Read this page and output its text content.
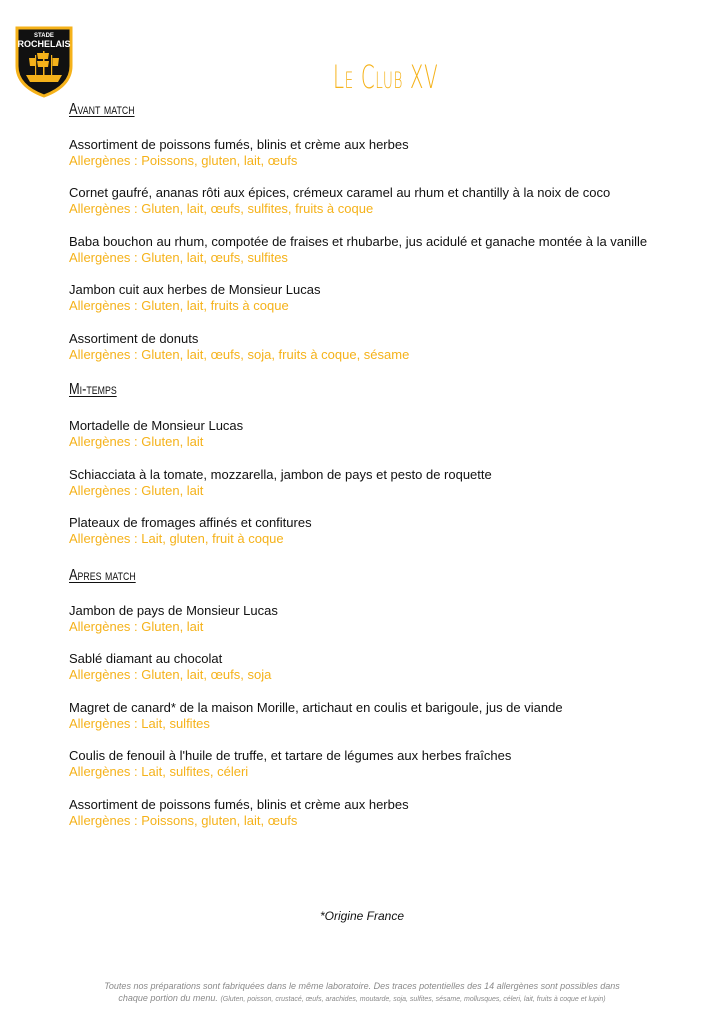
STADE
ROCHELAIS
Le Club XV
Avant match
Assortiment de poissons fumés, blinis et crème aux herbes
Allergènes : Poissons, gluten, lait, œufs
Cornet gaufré, ananas rôti aux épices, crémeux caramel au rhum et chantilly à la noix de coco
Allergènes : Gluten, lait, œufs, sulfites, fruits à coque
Baba bouchon au rhum, compotée de fraises et rhubarbe, jus acidulé et ganache montée à la vanille
Allergènes : Gluten, lait, œufs, sulfites
Jambon cuit aux herbes de Monsieur Lucas
Allergènes : Gluten, lait, fruits à coque
Assortiment de donuts
Allergènes : Gluten, lait, œufs, soja, fruits à coque, sésame
Mi-temps
Mortadelle de Monsieur Lucas
Allergènes : Gluten, lait
Schiacciata à la tomate, mozzarella, jambon de pays et pesto de roquette
Allergènes : Gluten, lait
Plateaux de fromages affinés et confitures
Allergènes : Lait, gluten, fruit à coque
Apres match
Jambon de pays de Monsieur Lucas
Allergènes : Gluten, lait
Sablé diamant au chocolat
Allergènes : Gluten, lait, œufs, soja
Magret de canard* de la maison Morille, artichaut en coulis et barigoule, jus de viande
Allergènes : Lait, sulfites
Coulis de fenouil à l'huile de truffe, et tartare de légumes aux herbes fraîches
Allergènes : Lait, sulfites, céleri
Assortiment de poissons fumés, blinis et crème aux herbes
Allergènes : Poissons, gluten, lait, œufs
*Origine France
Toutes nos préparations sont fabriquées dans le même laboratoire. Des traces potentielles des 14 allergènes sont possibles dans
chaque portion du menu. (Gluten, poisson, crustacé, œufs, arachides, moutarde, soja, sulfites, sésame, mollusques, céleri, lait, fruits à coque et lupin)
